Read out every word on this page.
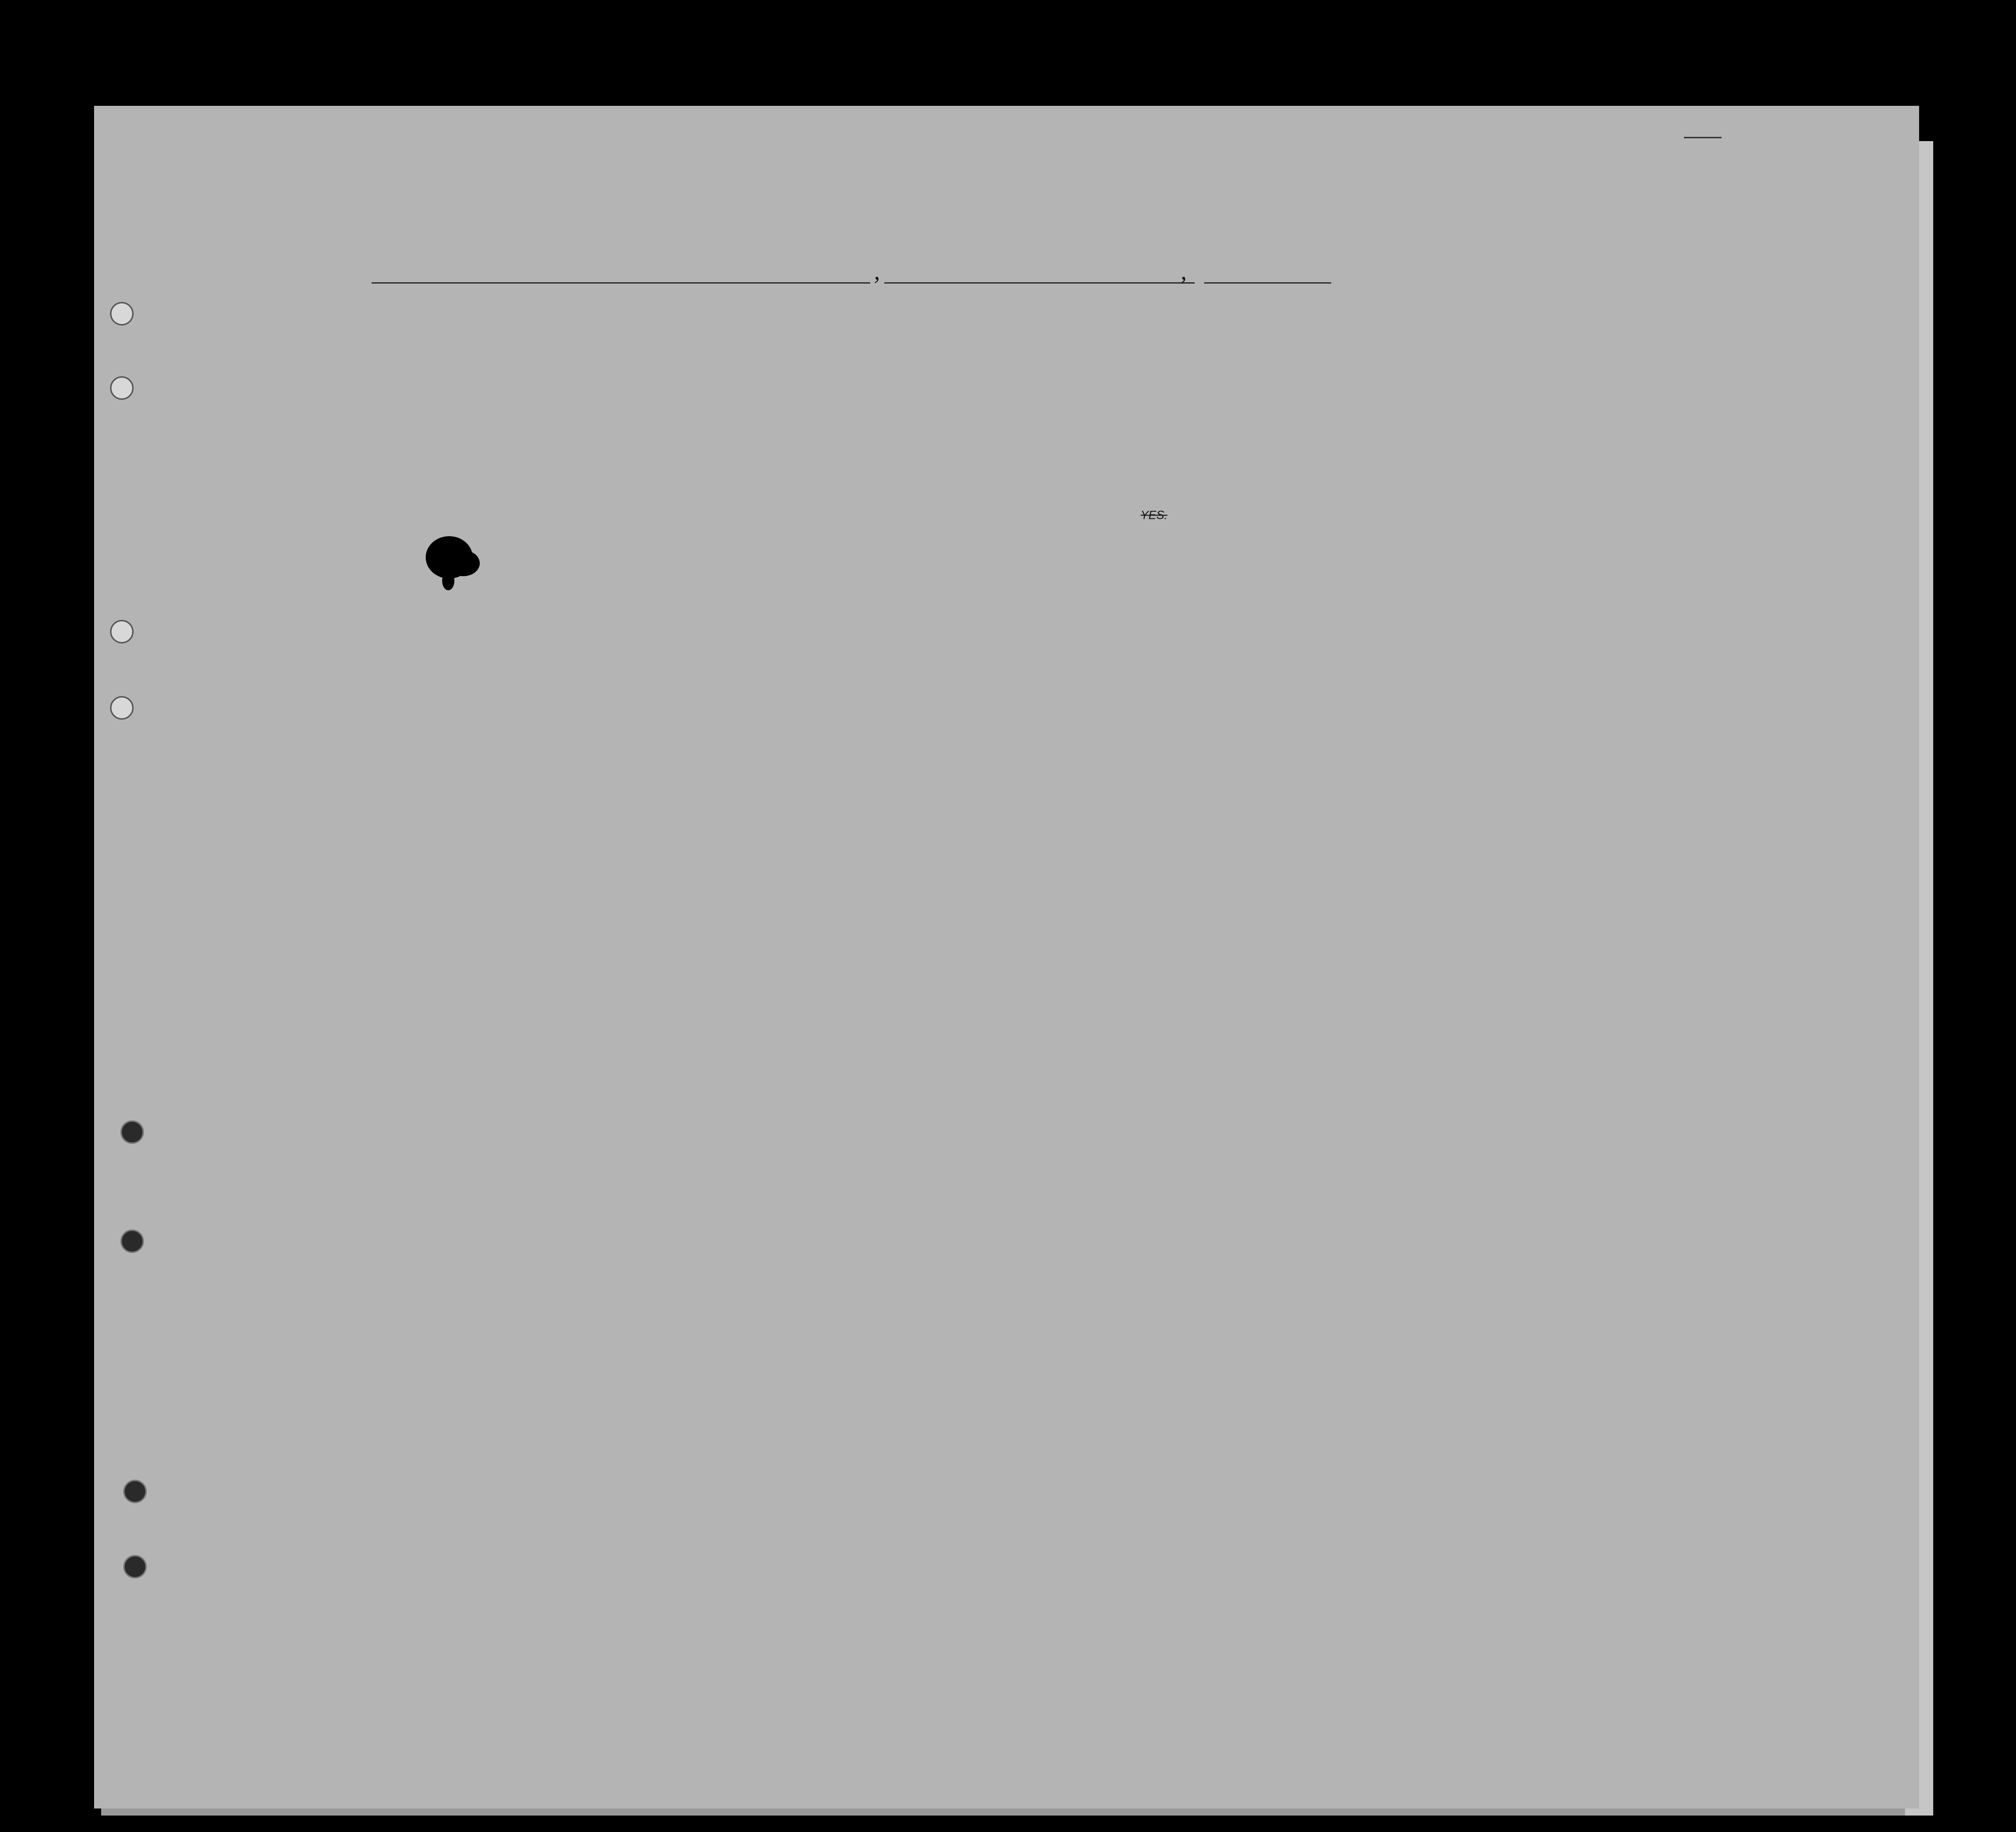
,	,
YES.
